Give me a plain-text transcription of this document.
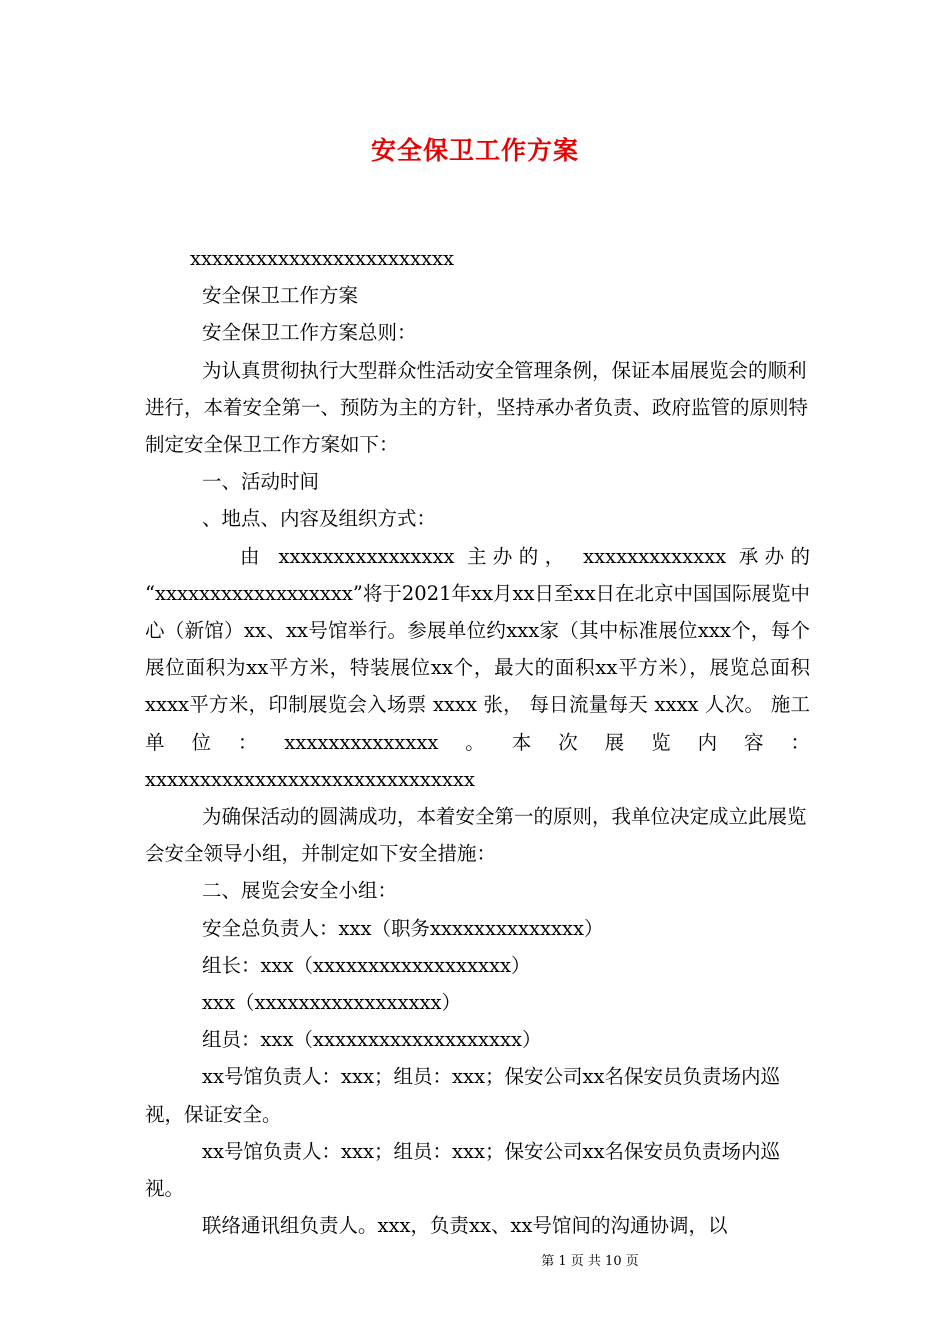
安全保卫工作方案

xxxxxxxxxxxxxxxxxxxxxxxx

安全保卫工作方案

安全保卫工作方案总则：

为认真贯彻执行大型群众性活动安全管理条例，保证本届展览会的顺利进行，本着安全第一、预防为主的方针，坚持承办者负责、政府监管的原则特制定安全保卫工作方案如下：

一、活动时间

、地点、内容及组织方式：

由 xxxxxxxxxxxxxxxx 主办的， xxxxxxxxxxxxx 承办的

“xxxxxxxxxxxxxxxxxx”将于2021年xx月xx日至xx日在北京中国国际展览中心（新馆）xx、xx号馆举行。参展单位约xxx家（其中标准展位xxx个，每个展位面积为xx平方米，特装展位xx个，最大的面积xx平方米），展览总面积xxxx平方米，印制展览会入场票 xxxx 张， 每日流量每天 xxxx 人次。 施工单位：xxxxxxxxxxxxxx。本次展览内容：xxxxxxxxxxxxxxxxxxxxxxxxxxxxxx

为确保活动的圆满成功，本着安全第一的原则，我单位决定成立此展览会安全领导小组，并制定如下安全措施：

二、展览会安全小组：

安全总负责人：xxx（职务xxxxxxxxxxxxxx）

组长：xxx（xxxxxxxxxxxxxxxxxx）

xxx（xxxxxxxxxxxxxxxxx）

组员：xxx（xxxxxxxxxxxxxxxxxxx）

xx号馆负责人：xxx；组员：xxx；保安公司xx名保安员负责场内巡视，保证安全。

xx号馆负责人：xxx；组员：xxx；保安公司xx名保安员负责场内巡视。

联络通讯组负责人。xxx，负责xx、xx号馆间的沟通协调，以

第 1 页 共 10 页
